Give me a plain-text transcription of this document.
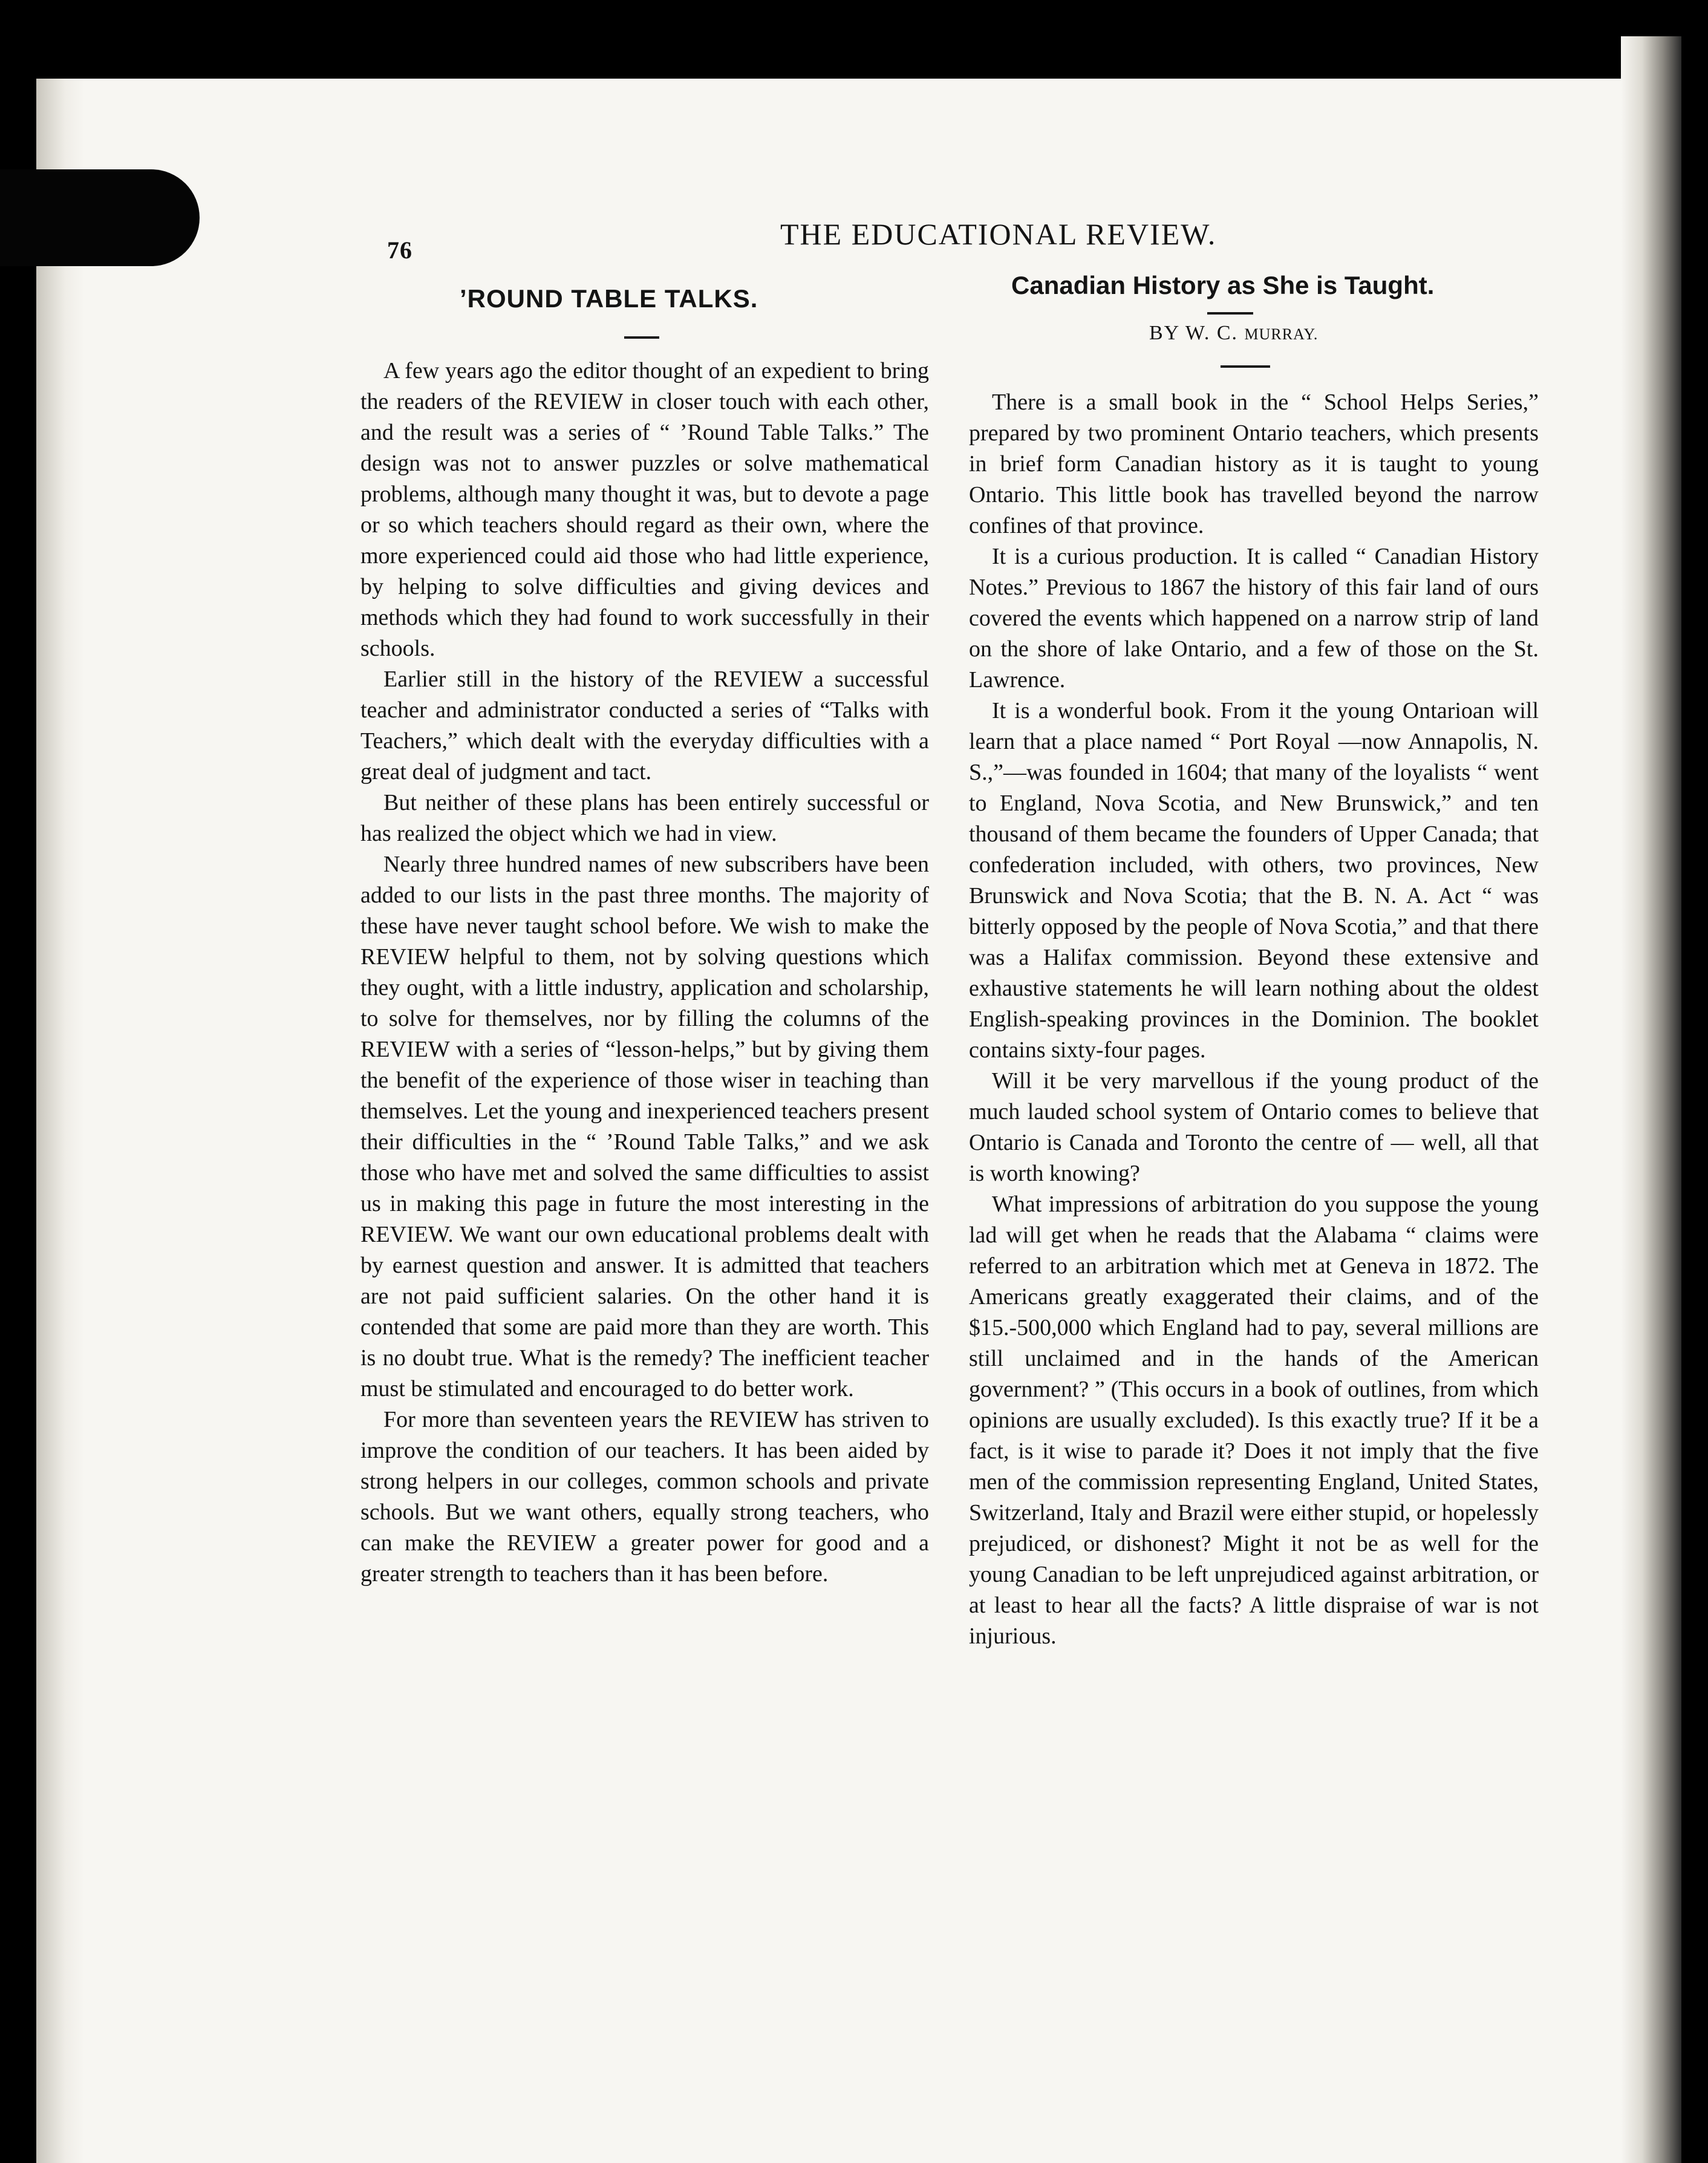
76	THE EDUCATIONAL REVIEW.
’ROUND TABLE TALKS.

A few years ago the editor thought of an expedient to bring the readers of the REVIEW in closer touch with each other, and the result was a series of “ ’Round Table Talks.” The design was not to answer puzzles or solve mathematical problems, although many thought it was, but to devote a page or so which teachers should regard as their own, where the more experienced could aid those who had little experience, by helping to solve difficulties and giving devices and methods which they had found to work successfully in their schools.

Earlier still in the history of the REVIEW a successful teacher and administrator conducted a series of “Talks with Teachers,” which dealt with the everyday difficulties with a great deal of judgment and tact.

But neither of these plans has been entirely successful or has realized the object which we had in view.

Nearly three hundred names of new subscribers have been added to our lists in the past three months. The majority of these have never taught school before. We wish to make the REVIEW helpful to them, not by solving questions which they ought, with a little industry, application and scholarship, to solve for themselves, nor by filling the columns of the REVIEW with a series of “lesson-helps,” but by giving them the benefit of the experience of those wiser in teaching than themselves. Let the young and inexperienced teachers present their difficulties in the “ ’Round Table Talks,” and we ask those who have met and solved the same difficulties to assist us in making this page in future the most interesting in the REVIEW. We want our own educational problems dealt with by earnest question and answer. It is admitted that teachers are not paid sufficient salaries. On the other hand it is contended that some are paid more than they are worth. This is no doubt true. What is the remedy? The inefficient teacher must be stimulated and encouraged to do better work.

For more than seventeen years the REVIEW has striven to improve the condition of our teachers. It has been aided by strong helpers in our colleges, common schools and private schools. But we want others, equally strong teachers, who can make the REVIEW a greater power for good and a greater strength to teachers than it has been before.

Canadian History as She is Taught.
BY W. C. MURRAY.

There is a small book in the “ School Helps Series,” prepared by two prominent Ontario teachers, which presents in brief form Canadian history as it is taught to young Ontario. This little book has travelled beyond the narrow confines of that province.

It is a curious production. It is called “ Canadian History Notes.” Previous to 1867 the history of this fair land of ours covered the events which happened on a narrow strip of land on the shore of lake Ontario, and a few of those on the St. Lawrence.

It is a wonderful book. From it the young Ontarioan will learn that a place named “ Port Royal —now Annapolis, N. S.,”—was founded in 1604; that many of the loyalists “ went to England, Nova Scotia, and New Brunswick,” and ten thousand of them became the founders of Upper Canada; that confederation included, with others, two provinces, New Brunswick and Nova Scotia; that the B. N. A. Act “ was bitterly opposed by the people of Nova Scotia,” and that there was a Halifax commission. Beyond these extensive and exhaustive statements he will learn nothing about the oldest English-speaking provinces in the Dominion. The booklet contains sixty-four pages.

Will it be very marvellous if the young product of the much lauded school system of Ontario comes to believe that Ontario is Canada and Toronto the centre of — well, all that is worth knowing?

What impressions of arbitration do you suppose the young lad will get when he reads that the Alabama “ claims were referred to an arbitration which met at Geneva in 1872. The Americans greatly exaggerated their claims, and of the $15.-500,000 which England had to pay, several millions are still unclaimed and in the hands of the American government? ” (This occurs in a book of outlines, from which opinions are usually excluded). Is this exactly true? If it be a fact, is it wise to parade it? Does it not imply that the five men of the commission representing England, United States, Switzerland, Italy and Brazil were either stupid, or hopelessly prejudiced, or dishonest? Might it not be as well for the young Canadian to be left unprejudiced against arbitration, or at least to hear all the facts? A little dispraise of war is not injurious.
